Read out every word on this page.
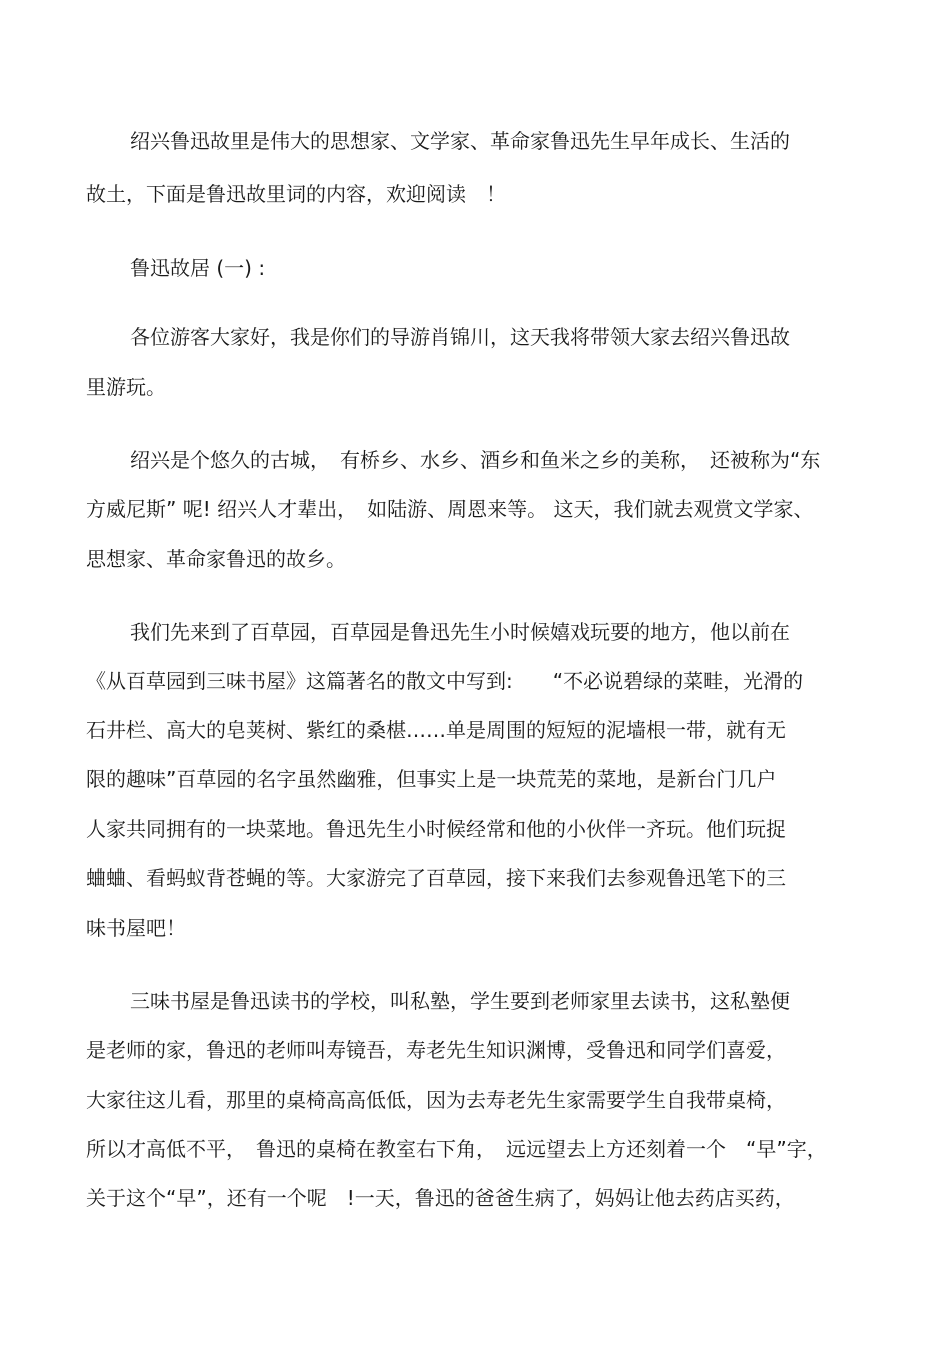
绍兴鲁迅故里是伟大的思想家、文学家、革命家鲁迅先生早年成长、生活的
故土，下面是鲁迅故里词的内容，欢迎阅读　！
鲁迅故居 (一) :
各位游客大家好，我是你们的导游肖锦川，这天我将带领大家去绍兴鲁迅故
里游玩。
绍兴是个悠久的古城，　有桥乡、水乡、酒乡和鱼米之乡的美称，　还被称为“东
方威尼斯” 呢! 绍兴人才辈出，　如陆游、周恩来等。 这天，我们就去观赏文学家、
思想家、革命家鲁迅的故乡。
我们先来到了百草园，百草园是鲁迅先生小时候嬉戏玩要的地方，他以前在
《从百草园到三味书屋》这篇著名的散文中写到:　　“不必说碧绿的菜畦，光滑的
石井栏、高大的皂荚树、紫红的桑椹……单是周围的短短的泥墙根一带，就有无
限的趣味”百草园的名字虽然幽雅，但事实上是一块荒芜的菜地，是新台门几户
人家共同拥有的一块菜地。鲁迅先生小时候经常和他的小伙伴一齐玩。他们玩捉
蛐蛐、看蚂蚁背苍蝇的等。大家游完了百草园，接下来我们去参观鲁迅笔下的三
味书屋吧！
三味书屋是鲁迅读书的学校，叫私塾，学生要到老师家里去读书，这私塾便
是老师的家，鲁迅的老师叫寿镜吾，寿老先生知识渊博，受鲁迅和同学们喜爱，
大家往这儿看，那里的桌椅高高低低，因为去寿老先生家需要学生自我带桌椅，
所以才高低不平，　鲁迅的桌椅在教室右下角，　远远望去上方还刻着一个　“早”字，
关于这个“早”，还有一个呢　!一天，鲁迅的爸爸生病了，妈妈让他去药店买药，
